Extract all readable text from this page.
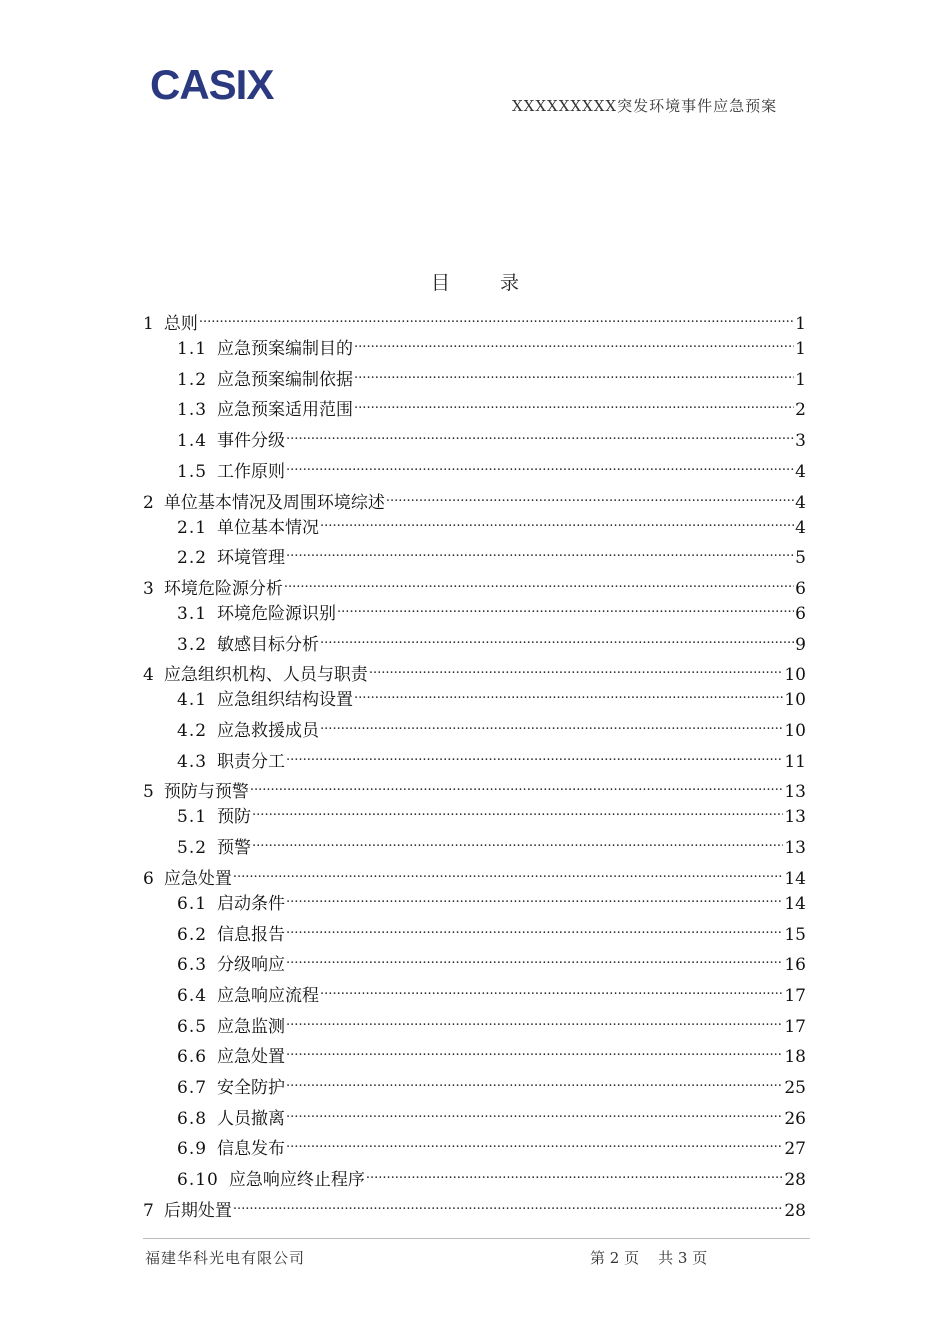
CASIX	XXXXXXXXX突发环境事件应急预案
目 录
1 总则 .....	1
1.1 应急预案编制目的 .....	1
1.2 应急预案编制依据 .....	1
1.3 应急预案适用范围 .....	2
1.4 事件分级 .....	3
1.5 工作原则 .....	4
2 单位基本情况及周围环境综述 .....	4
2.1 单位基本情况 .....	4
2.2 环境管理 .....	5
3 环境危险源分析 .....	6
3.1 环境危险源识别 .....	6
3.2 敏感目标分析 .....	9
4 应急组织机构、人员与职责 .....	10
4.1 应急组织结构设置 .....	10
4.2 应急救援成员 .....	10
4.3 职责分工 .....	11
5 预防与预警 .....	13
5.1 预防 .....	13
5.2 预警 .....	13
6 应急处置 .....	14
6.1 启动条件 .....	14
6.2 信息报告 .....	15
6.3 分级响应 .....	16
6.4 应急响应流程 .....	17
6.5 应急监测 .....	17
6.6 应急处置 .....	18
6.7 安全防护 .....	25
6.8 人员撤离 .....	26
6.9 信息发布 .....	27
6.10 应急响应终止程序 .....	28
7 后期处置 .....	28
福建华科光电有限公司	第 2 页    共 3 页
